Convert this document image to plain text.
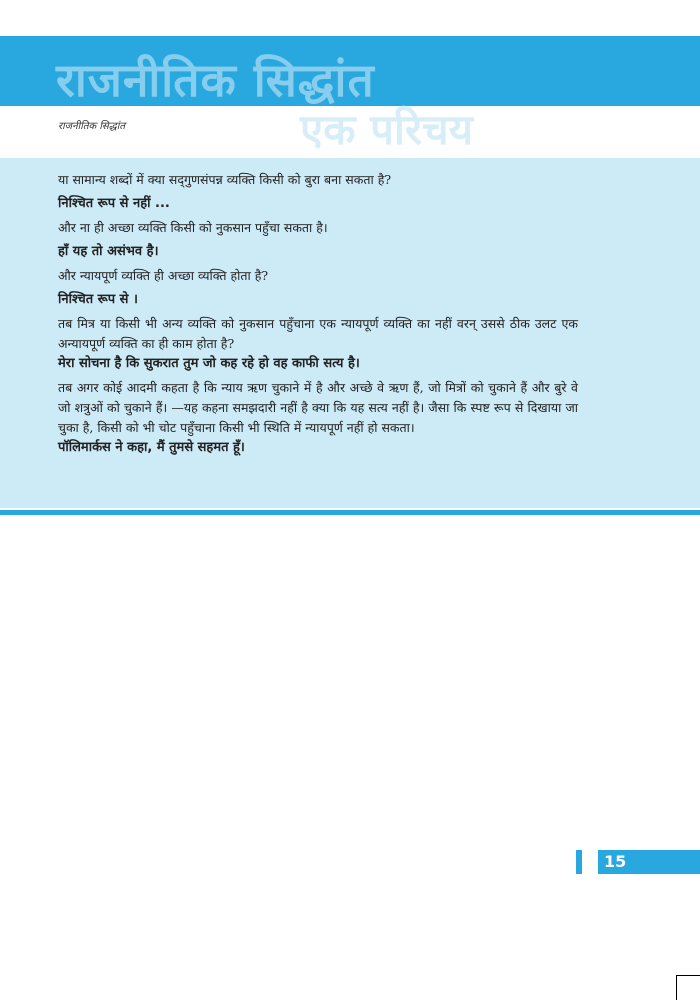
राजनीतिक सिद्धांत
एक परिचय
राजनीतिक सिद्धांत

या सामान्य शब्दों में क्या सद्‌गुणसंपन्न व्यक्ति किसी को बुरा बना सकता है?

निश्चित रूप से नहीं ...

और ना ही अच्छा व्यक्ति किसी को नुकसान पहुँचा सकता है।

हाँ यह तो असंभव है।

और न्यायपूर्ण व्यक्ति ही अच्छा व्यक्ति होता है?

निश्चित रूप से ।

तब मित्र या किसी भी अन्य व्यक्ति को नुकसान पहुँचाना एक न्यायपूर्ण व्यक्ति का नहीं वरन्‌ उससे ठीक उलट एक अन्यायपूर्ण व्यक्ति का ही काम होता है?

मेरा सोचना है कि सुकरात तुम जो कह रहे हो वह काफी सत्य है।

तब अगर कोई आदमी कहता है कि न्याय ऋण चुकाने में है और अच्छे वे ऋण हैं, जो मित्रों को चुकाने हैं और बुरे वे जो शत्रुओं को चुकाने हैं। —यह कहना समझदारी नहीं है क्या कि यह सत्य नहीं है। जैसा कि स्पष्ट रूप से दिखाया जा चुका है, किसी को भी चोट पहुँचाना किसी भी स्थिति में न्यायपूर्ण नहीं हो सकता।

पॉलिमार्कस ने कहा, मैं तुमसे सहमत हूँ।

15
